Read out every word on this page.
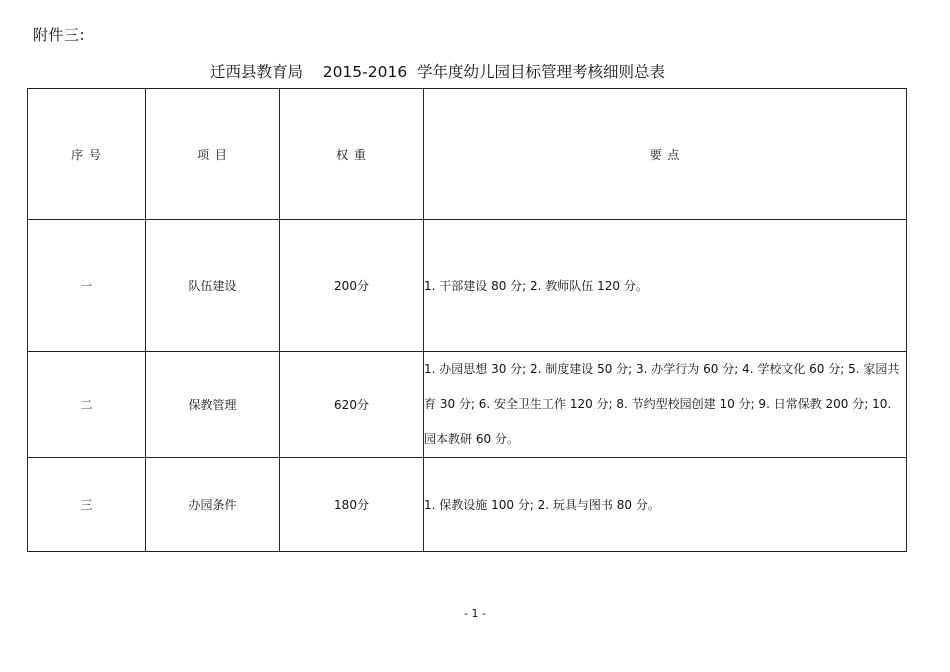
附件三:
迁西县教育局    2015-2016  学年度幼儿园目标管理考核细则总表
序 号	项 目	权 重	要 点
一	队伍建设	200分	1. 干部建设 80 分; 2. 教师队伍 120 分。
二	保教管理	620分	1. 办园思想 30 分; 2. 制度建设 50 分; 3. 办学行为 60 分; 4. 学校文化 60 分; 5. 家园共育 30 分; 6. 安全卫生工作 120 分; 8. 节约型校园创建 10 分; 9. 日常保教 200 分; 10. 园本教研 60 分。
三	办园条件	180分	1. 保教设施 100 分; 2. 玩具与图书 80 分。
- 1 -
